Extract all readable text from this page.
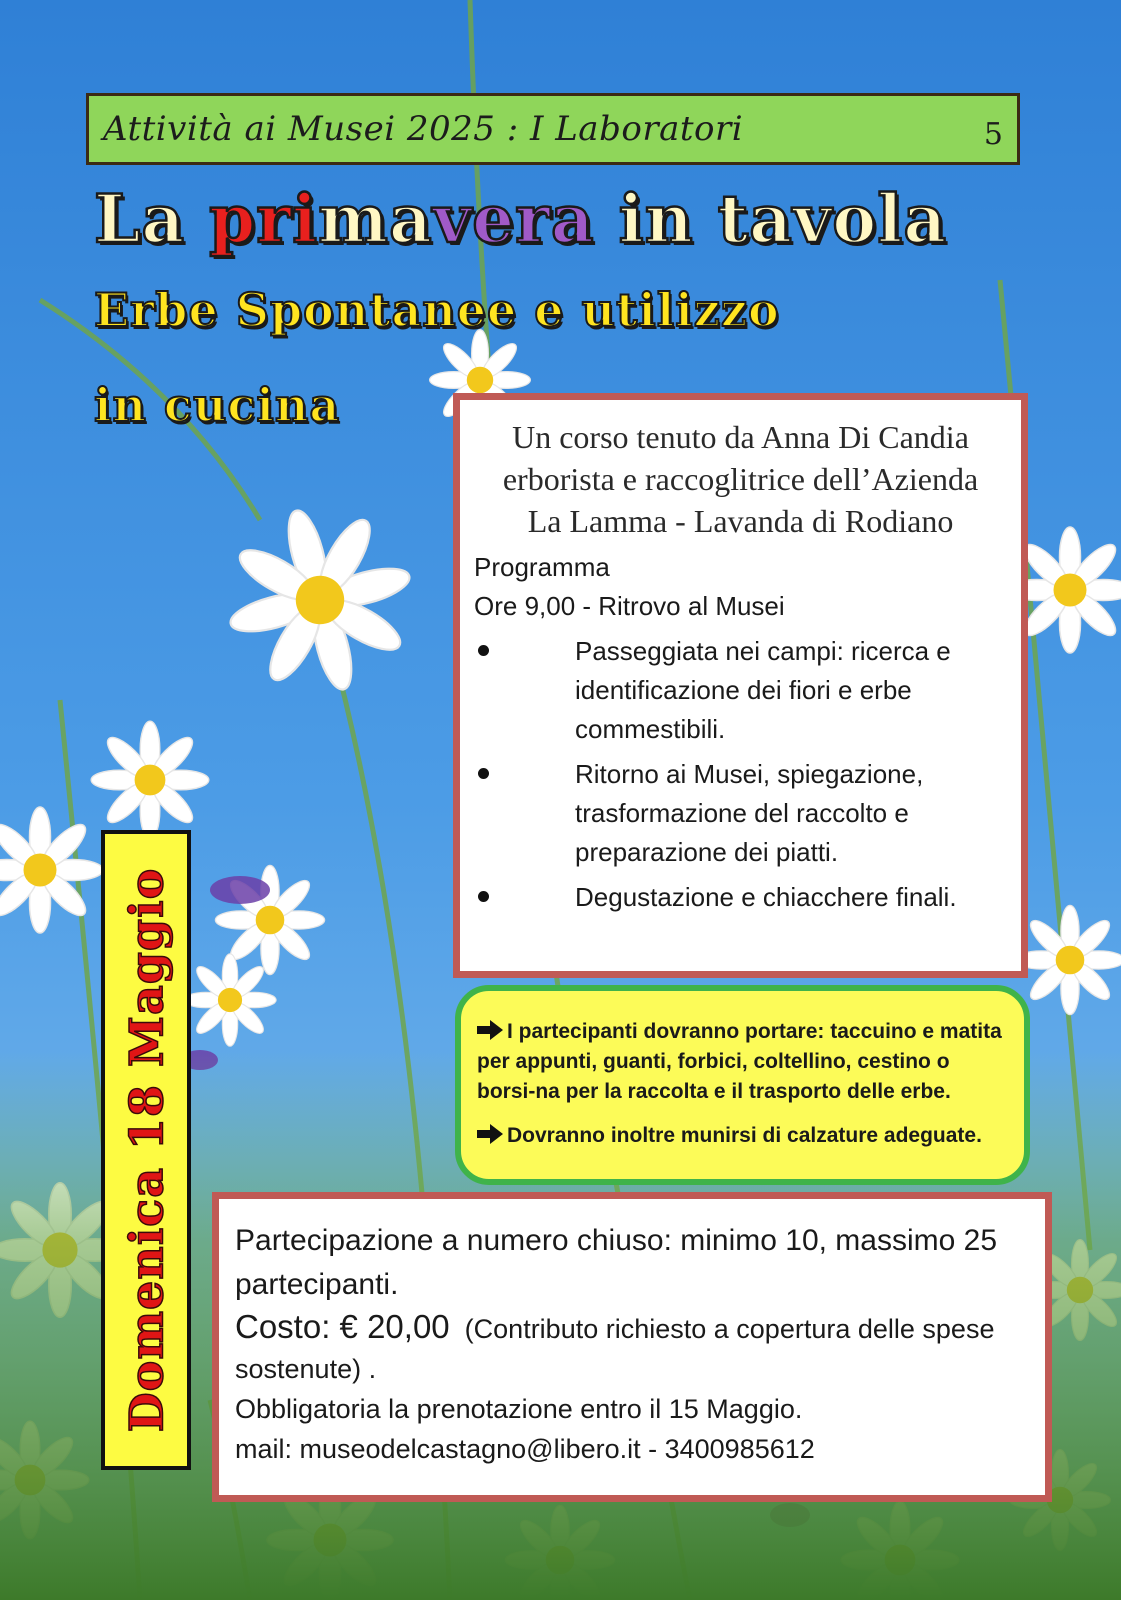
Attività ai Musei 2025 : I Laboratori	5
La primavera in tavola
Erbe Spontanee e utilizzo
in cucina
Un corso tenuto da Anna Di Candia
erborista e raccoglitrice dell’Azienda
La Lamma - Lavanda di Rodiano
Programma
Ore 9,00 - Ritrovo al Musei
Passeggiata nei campi: ricerca e identificazione dei fiori e erbe commestibili.
Ritorno ai Musei, spiegazione, trasformazione del raccolto e preparazione dei piatti.
Degustazione e chiacchere finali.
I partecipanti dovranno portare: taccuino e matita per appunti, guanti, forbici, coltellino, cestino o borsi-na per la raccolta e il trasporto delle erbe.
Dovranno inoltre munirsi di calzature adeguate.
Partecipazione a numero chiuso: minimo 10, massimo 25 partecipanti.
Costo: € 20,00 (Contributo richiesto a copertura delle spese sostenute) .
Obbligatoria la prenotazione entro il 15 Maggio.
mail: museodelcastagno@libero.it - 3400985612
Domenica 18 Maggio
